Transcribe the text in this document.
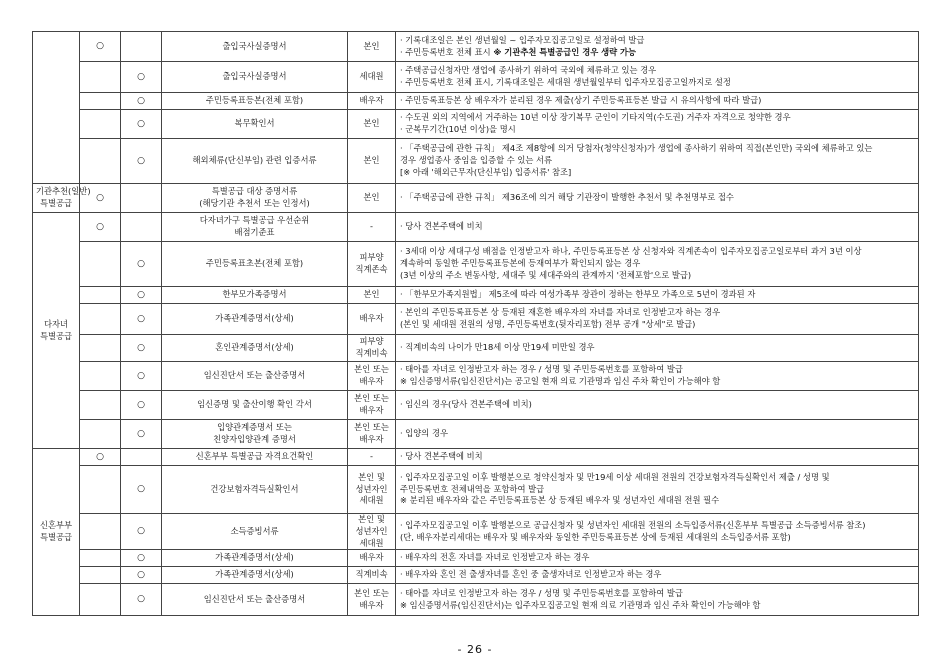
	○		출입국사실증명서	본인	· 기록대조일은 본인 생년월일 ~ 입주자모집공고일로 설정하여 발급
· 주민등록번호 전체 표시 ※ 기관추천 특별공급인 경우 생략 가능

		○	출입국사실증명서	세대원	· 주택공급신청자만 생업에 종사하기 위하여 국외에 체류하고 있는 경우
· 주민등록번호 전체 표시, 기록대조일은 세대원 생년월일부터 입주자모집공고일까지로 설정

		○	주민등록표등본(전체 포함)	배우자	· 주민등록표등본 상 배우자가 분리된 경우 제출(상기 주민등록표등본 발급 시 유의사항에 따라 발급)

		○	복무확인서	본인	· 수도권 외의 지역에서 거주하는 10년 이상 장기복무 군인이 기타지역(수도권) 거주자 자격으로 청약한 경우
· 군복무기간(10년 이상)을 명시

		○	해외체류(단신부임) 관련 입증서류	본인	· 「주택공급에 관한 규칙」 제4조 제8항에 의거 당첨자(청약신청자)가 생업에 종사하기 위하여 직접(본인만) 국외에 체류하고 있는
경우 생업종사 중임을 입증할 수 있는 서류
[※ 아래 '해외근무자(단신부임) 입증서류' 참조]

기관추천(일반)
특별공급	○		특별공급 대상 증명서류
(해당기관 추천서 또는 인정서)	본인	· 「주택공급에 관한 규칙」 제36조에 의거 해당 기관장이 발행한 추천서 및 추천명부로 접수

다자녀
특별공급	○		다자녀가구 특별공급 우선순위
배점기준표	-	· 당사 견본주택에 비치

		○	주민등록표초본(전체 포함)	피부양
직계존속	· 3세대 이상 세대구성 배점을 인정받고자 하나, 주민등록표등본 상 신청자와 직계존속이 입주자모집공고일로부터 과거 3년 이상
계속하여 동일한 주민등록표등본에 등재여부가 확인되지 않는 경우
(3년 이상의 주소 변동사항, 세대주 및 세대주와의 관계까지 '전체포함'으로 발급)

		○	한부모가족증명서	본인	· 「한부모가족지원법」 제5조에 따라 여성가족부 장관이 정하는 한부모 가족으로 5년이 경과된 자

		○	가족관계증명서(상세)	배우자	· 본인의 주민등록표등본 상 등재된 재혼한 배우자의 자녀를 자녀로 인정받고자 하는 경우
(본인 및 세대원 전원의 성명, 주민등록번호(뒷자리포함) 전부 공개 "상세"로 발급)

		○	혼인관계증명서(상세)	피부양
직계비속	· 직계비속의 나이가 만18세 이상 만19세 미만일 경우

		○	임신진단서 또는 출산증명서	본인 또는
배우자	· 태아를 자녀로 인정받고자 하는 경우 / 성명 및 주민등록번호를 포함하여 발급
※ 임신증명서류(임신진단서)는 공고일 현재 의료 기관명과 임신 주차 확인이 가능해야 함

		○	임신증명 및 출산이행 확인 각서	본인 또는
배우자	· 임신의 경우(당사 견본주택에 비치)

		○	입양관계증명서 또는
친양자입양관계 증명서	본인 또는
배우자	· 입양의 경우

신혼부부
특별공급	○		신혼부부 특별공급 자격요건확인	-	· 당사 견본주택에 비치

		○	건강보험자격득실확인서	본인 및
성년자인
세대원	· 입주자모집공고일 이후 발행분으로 청약신청자 및 만19세 이상 세대원 전원의 건강보험자격득실확인서 제출 / 성명 및
주민등록번호 전체내역을 포함하여 발급
※ 분리된 배우자와 같은 주민등록표등본 상 등재된 배우자 및 성년자인 세대원 전원 필수

		○	소득증빙서류	본인 및
성년자인
세대원	· 입주자모집공고일 이후 발행분으로 공급신청자 및 성년자인 세대원 전원의 소득입증서류(신혼부부 특별공급 소득증빙서류 참조)
(단, 배우자분리세대는 배우자 및 배우자와 동일한 주민등록표등본 상에 등재된 세대원의 소득입증서류 포함)

		○	가족관계증명서(상세)	배우자	· 배우자의 전혼 자녀를 자녀로 인정받고자 하는 경우

		○	가족관계증명서(상세)	직계비속	· 배우자와 혼인 전 출생자녀를 혼인 중 출생자녀로 인정받고자 하는 경우

		○	임신진단서 또는 출산증명서	본인 또는
배우자	· 태아를 자녀로 인정받고자 하는 경우 / 성명 및 주민등록번호를 포함하여 발급
※ 임신증명서류(임신진단서)는 입주자모집공고일 현재 의료 기관명과 임신 주차 확인이 가능해야 함
- 26 -
